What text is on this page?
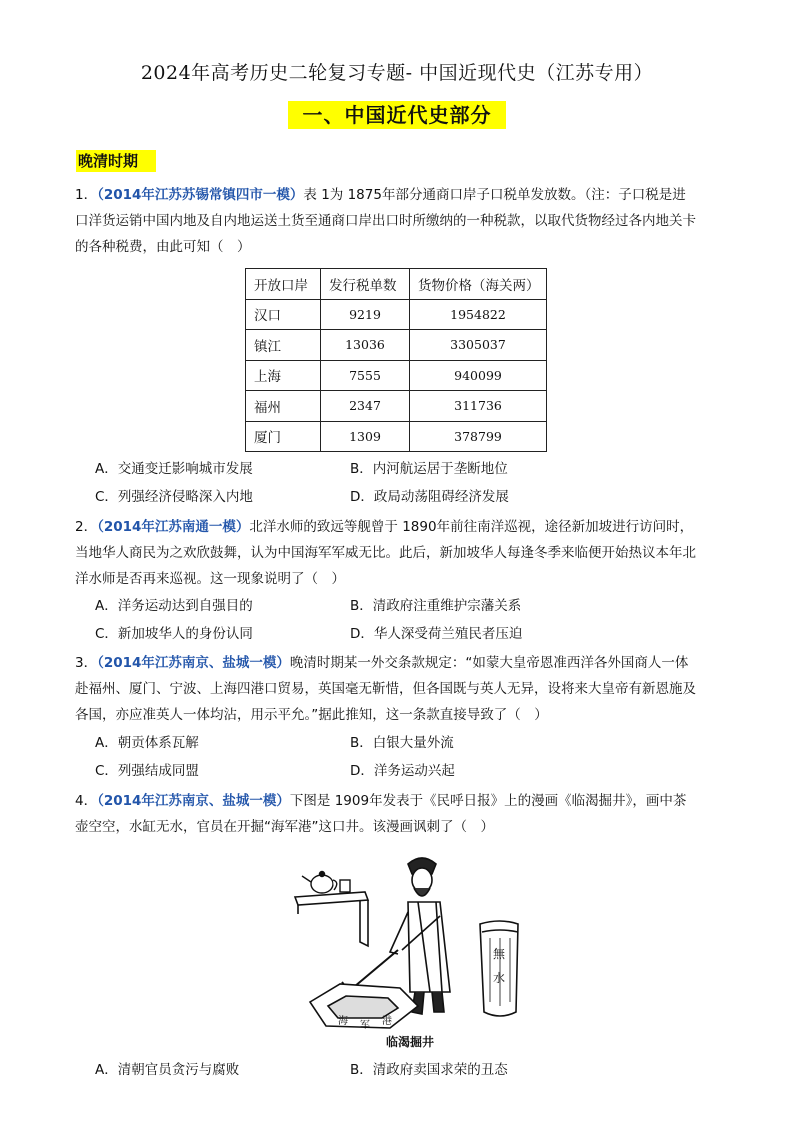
2024年高考历史二轮复习专题- 中国近现代史（江苏专用）
一、中国近代史部分
晚清时期
1．（2014年江苏苏锡常镇四市一模）表 1为 1875年部分通商口岸子口税单发放数。（注：子口税是进
口洋货运销中国内地及自内地运送土货至通商口岸出口时所缴纳的一种税款，以取代货物经过各内地关卡
的各种税费，由此可知（　）
开放口岸	发行税单数	货物价格（海关两）
汉口	9219	1954822
镇江	13036	3305037
上海	7555	940099
福州	2347	311736
厦门	1309	378799
A．交通变迁影响城市发展	B．内河航运居于垄断地位
C．列强经济侵略深入内地	D．政局动荡阻碍经济发展
2．（2014年江苏南通一模）北洋水师的致远等舰曾于 1890年前往南洋巡视，途径新加坡进行访问时，
当地华人商民为之欢欣鼓舞，认为中国海军军威无比。此后，新加坡华人每逢冬季来临便开始热议本年北
洋水师是否再来巡视。这一现象说明了（　）
A．洋务运动达到自强目的	B．清政府注重维护宗藩关系
C．新加坡华人的身份认同	D．华人深受荷兰殖民者压迫
3．（2014年江苏南京、盐城一模）晚清时期某一外交条款规定：“如蒙大皇帝恩准西洋各外国商人一体
赴福州、厦门、宁波、上海四港口贸易，英国毫无靳惜，但各国既与英人无异，设将来大皇帝有新恩施及
各国，亦应准英人一体均沾，用示平允。”据此推知，这一条款直接导致了（　）
A．朝贡体系瓦解	B．白银大量外流
C．列强结成同盟	D．洋务运动兴起
4．（2014年江苏南京、盐城一模）下图是 1909年发表于《民呼日报》上的漫画《临渴掘井》，画中茶
壶空空，水缸无水，官员在开掘“海军港”这口井。该漫画讽刺了（　）
海 军 港
無
水
临渴掘井
A．清朝官员贪污与腐败	B．清政府卖国求荣的丑态
